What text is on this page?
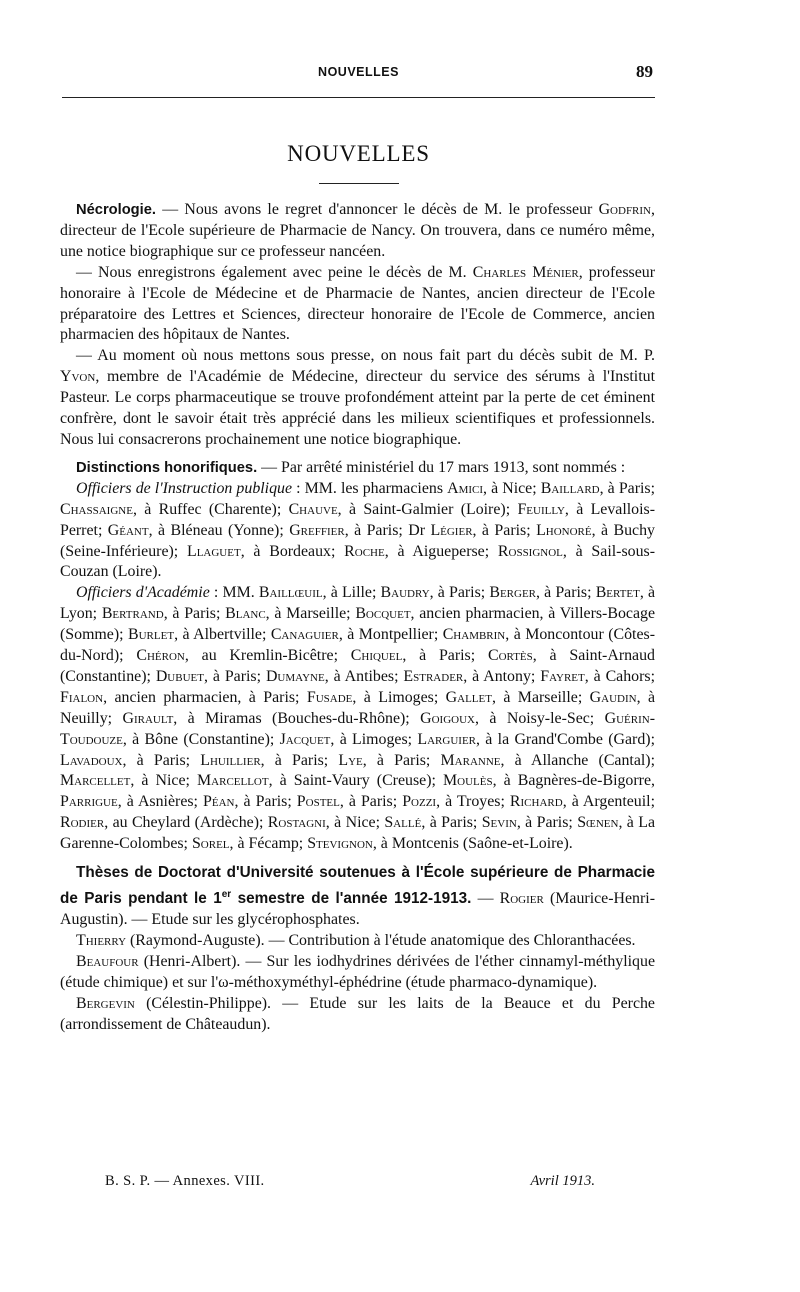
NOUVELLES	89
NOUVELLES

Nécrologie. — Nous avons le regret d'annoncer le décès de M. le professeur Godfrin, directeur de l'Ecole supérieure de Pharmacie de Nancy. On trouvera, dans ce numéro même, une notice biographique sur ce professeur nancéen.

— Nous enregistrons également avec peine le décès de M. Charles Ménier, professeur honoraire à l'Ecole de Médecine et de Pharmacie de Nantes, ancien directeur de l'Ecole préparatoire des Lettres et Sciences, directeur honoraire de l'Ecole de Commerce, ancien pharmacien des hôpitaux de Nantes.

— Au moment où nous mettons sous presse, on nous fait part du décès subit de M. P. Yvon, membre de l'Académie de Médecine, directeur du service des sérums à l'Institut Pasteur. Le corps pharmaceutique se trouve profondément atteint par la perte de cet éminent confrère, dont le savoir était très apprécié dans les milieux scientifiques et professionnels. Nous lui consacrerons prochainement une notice biographique.

Distinctions honorifiques. — Par arrêté ministériel du 17 mars 1913, sont nommés :

Officiers de l'Instruction publique : MM. les pharmaciens Amici, à Nice; Baillard, à Paris; Chassaigne, à Ruffec (Charente); Chauve, à Saint-Galmier (Loire); Feuilly, à Levallois-Perret; Géant, à Bléneau (Yonne); Greffier, à Paris; Dr Légier, à Paris; Lhonoré, à Buchy (Seine-Inférieure); Llaguet, à Bordeaux; Roche, à Aigueperse; Rossignol, à Sail-sous-Couzan (Loire).

Officiers d'Académie : MM. Baillœuil, à Lille; Baudry, à Paris; Berger, à Paris; Bertet, à Lyon; Bertrand, à Paris; Blanc, à Marseille; Bocquet, ancien pharmacien, à Villers-Bocage (Somme); Burlet, à Albertville; Canaguier, à Montpellier; Chambrin, à Moncontour (Côtes-du-Nord); Chéron, au Kremlin-Bicêtre; Chiquel, à Paris; Cortès, à Saint-Arnaud (Constantine); Dubuet, à Paris; Dumayne, à Antibes; Estrader, à Antony; Fayret, à Cahors; Fialon, ancien pharmacien, à Paris; Fusade, à Limoges; Gallet, à Marseille; Gaudin, à Neuilly; Girault, à Miramas (Bouches-du-Rhône); Goigoux, à Noisy-le-Sec; Guérin-Toudouze, à Bône (Constantine); Jacquet, à Limoges; Larguier, à la Grand'Combe (Gard); Lavadoux, à Paris; Lhuillier, à Paris; Lye, à Paris; Maranne, à Allanche (Cantal); Marcellet, à Nice; Marcellot, à Saint-Vaury (Creuse); Moulès, à Bagnères-de-Bigorre, Parrigue, à Asnières; Péan, à Paris; Postel, à Paris; Pozzi, à Troyes; Richard, à Argenteuil; Rodier, au Cheylard (Ardèche); Rostagni, à Nice; Sallé, à Paris; Sevin, à Paris; Sœnen, à La Garenne-Colombes; Sorel, à Fécamp; Stevignon, à Montcenis (Saône-et-Loire).

Thèses de Doctorat d'Université soutenues à l'École supérieure de Pharmacie de Paris pendant le 1er semestre de l'année 1912-1913. — Rogier (Maurice-Henri-Augustin). — Etude sur les glycérophosphates.

Thierry (Raymond-Auguste). — Contribution à l'étude anatomique des Chloranthacées.

Beaufour (Henri-Albert). — Sur les iodhydrines dérivées de l'éther cinnamyl-méthylique (étude chimique) et sur l'ω-méthoxyméthyl-éphédrine (étude pharmaco-dynamique).

Bergevin (Célestin-Philippe). — Etude sur les laits de la Beauce et du Perche (arrondissement de Châteaudun).

B. S. P. — Annexes. VIII.	Avril 1913.
